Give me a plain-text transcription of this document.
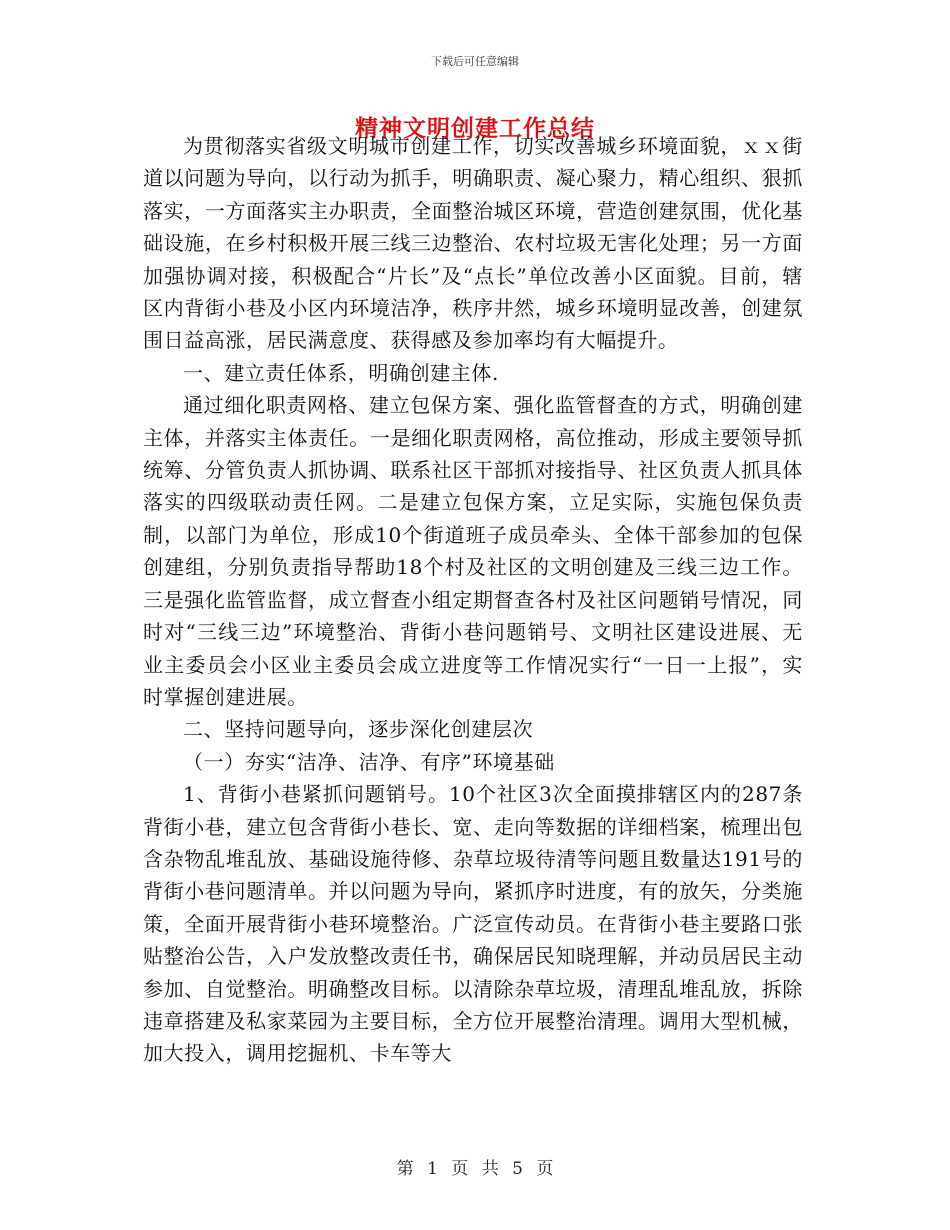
下载后可任意编辑
精神文明创建工作总结

为贯彻落实省级文明城市创建工作，切实改善城乡环境面貌，ｘｘ街道以问题为导向，以行动为抓手，明确职责、凝心聚力，精心组织、狠抓落实，一方面落实主办职责，全面整治城区环境，营造创建氛围，优化基础设施，在乡村积极开展三线三边整治、农村垃圾无害化处理；另一方面加强协调对接，积极配合“片长”及“点长”单位改善小区面貌。目前，辖区内背街小巷及小区内环境洁净，秩序井然，城乡环境明显改善，创建氛围日益高涨，居民满意度、获得感及参加率均有大幅提升。

一、建立责任体系，明确创建主体.

通过细化职责网格、建立包保方案、强化监管督查的方式，明确创建主体，并落实主体责任。一是细化职责网格，高位推动，形成主要领导抓统筹、分管负责人抓协调、联系社区干部抓对接指导、社区负责人抓具体落实的四级联动责任网。二是建立包保方案，立足实际，实施包保负责制，以部门为单位，形成10个街道班子成员牵头、全体干部参加的包保创建组，分别负责指导帮助18个村及社区的文明创建及三线三边工作。三是强化监管监督，成立督查小组定期督查各村及社区问题销号情况，同时对“三线三边”环境整治、背街小巷问题销号、文明社区建设进展、无业主委员会小区业主委员会成立进度等工作情况实行“一日一上报”，实时掌握创建进展。

二、坚持问题导向，逐步深化创建层次

（一）夯实“洁净、洁净、有序”环境基础

1、背街小巷紧抓问题销号。10个社区3次全面摸排辖区内的287条背街小巷，建立包含背街小巷长、宽、走向等数据的详细档案，梳理出包含杂物乱堆乱放、基础设施待修、杂草垃圾待清等问题且数量达191号的背街小巷问题清单。并以问题为导向，紧抓序时进度，有的放矢，分类施策，全面开展背街小巷环境整治。广泛宣传动员。在背街小巷主要路口张贴整治公告，入户发放整改责任书，确保居民知晓理解，并动员居民主动参加、自觉整治。明确整改目标。以清除杂草垃圾，清理乱堆乱放，拆除违章搭建及私家菜园为主要目标，全方位开展整治清理。调用大型机械，加大投入，调用挖掘机、卡车等大

第 1 页 共 5 页
